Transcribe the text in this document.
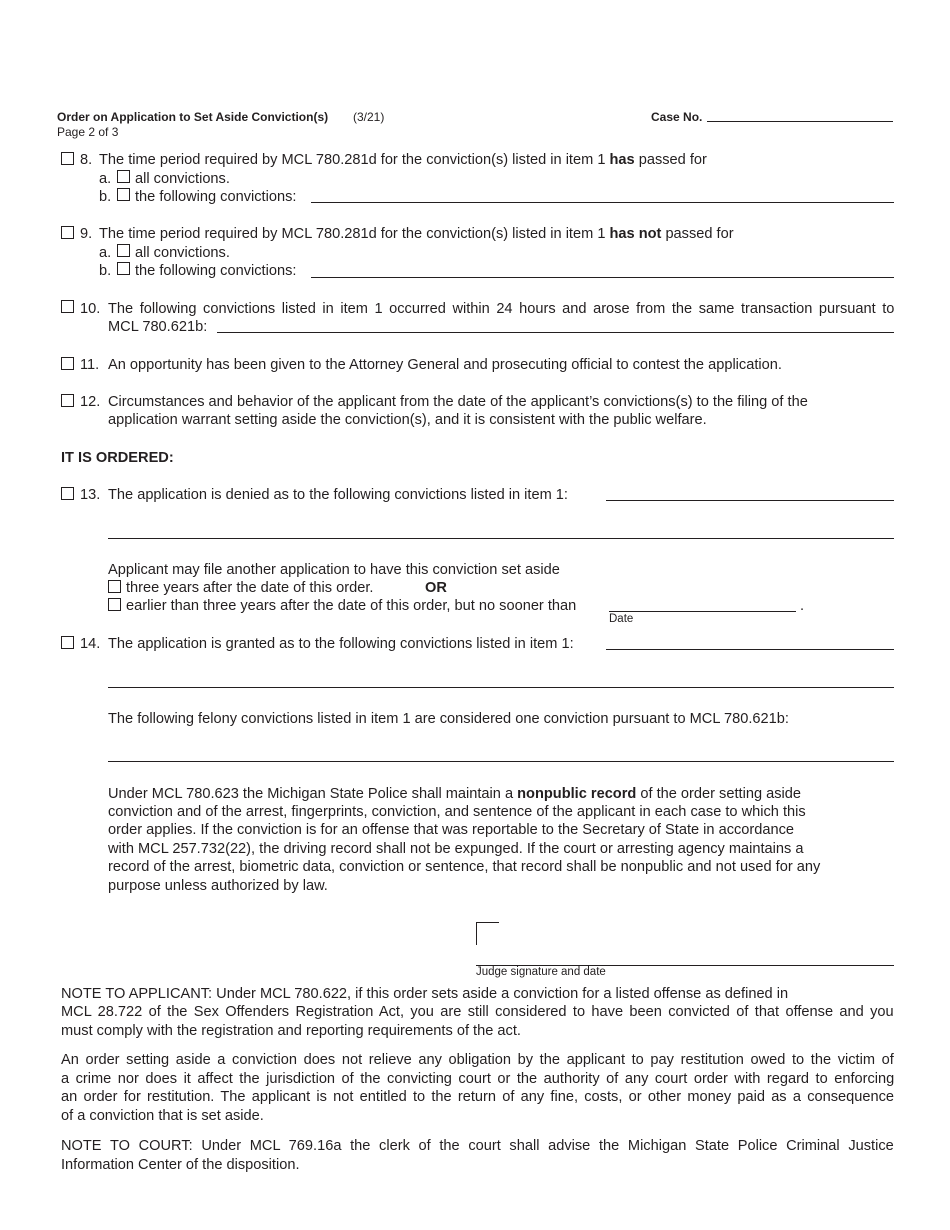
Order on Application to Set Aside Conviction(s) (3/21)
Page 2 of 3
Case No.
8. The time period required by MCL 780.281d for the conviction(s) listed in item 1 has passed for
a. all convictions.
b. the following convictions:
9. The time period required by MCL 780.281d for the conviction(s) listed in item 1 has not passed for
a. all convictions.
b. the following convictions:
10. The following convictions listed in item 1 occurred within 24 hours and arose from the same transaction pursuant to
MCL 780.621b:
11. An opportunity has been given to the Attorney General and prosecuting official to contest the application.
12. Circumstances and behavior of the applicant from the date of the applicant’s convictions(s) to the filing of the
application warrant setting aside the conviction(s), and it is consistent with the public welfare.
IT IS ORDERED:
13. The application is denied as to the following convictions listed in item 1:
Applicant may file another application to have this conviction set aside
three years after the date of this order.	OR
earlier than three years after the date of this order, but no sooner than	.
Date
14. The application is granted as to the following convictions listed in item 1:
The following felony convictions listed in item 1 are considered one conviction pursuant to MCL 780.621b:
Under MCL 780.623 the Michigan State Police shall maintain a nonpublic record of the order setting aside
conviction and of the arrest, fingerprints, conviction, and sentence of the applicant in each case to which this
order applies. If the conviction is for an offense that was reportable to the Secretary of State in accordance
with MCL 257.732(22), the driving record shall not be expunged. If the court or arresting agency maintains a
record of the arrest, biometric data, conviction or sentence, that record shall be nonpublic and not used for any
purpose unless authorized by law.
Judge signature and date
NOTE TO APPLICANT: Under MCL 780.622, if this order sets aside a conviction for a listed offense as defined in
MCL 28.722 of the Sex Offenders Registration Act, you are still considered to have been convicted of that offense and you
must comply with the registration and reporting requirements of the act.
An order setting aside a conviction does not relieve any obligation by the applicant to pay restitution owed to the victim of
a crime nor does it affect the jurisdiction of the convicting court or the authority of any court order with regard to enforcing
an order for restitution. The applicant is not entitled to the return of any fine, costs, or other money paid as a consequence
of a conviction that is set aside.
NOTE TO COURT: Under MCL 769.16a the clerk of the court shall advise the Michigan State Police Criminal Justice
Information Center of the disposition.
